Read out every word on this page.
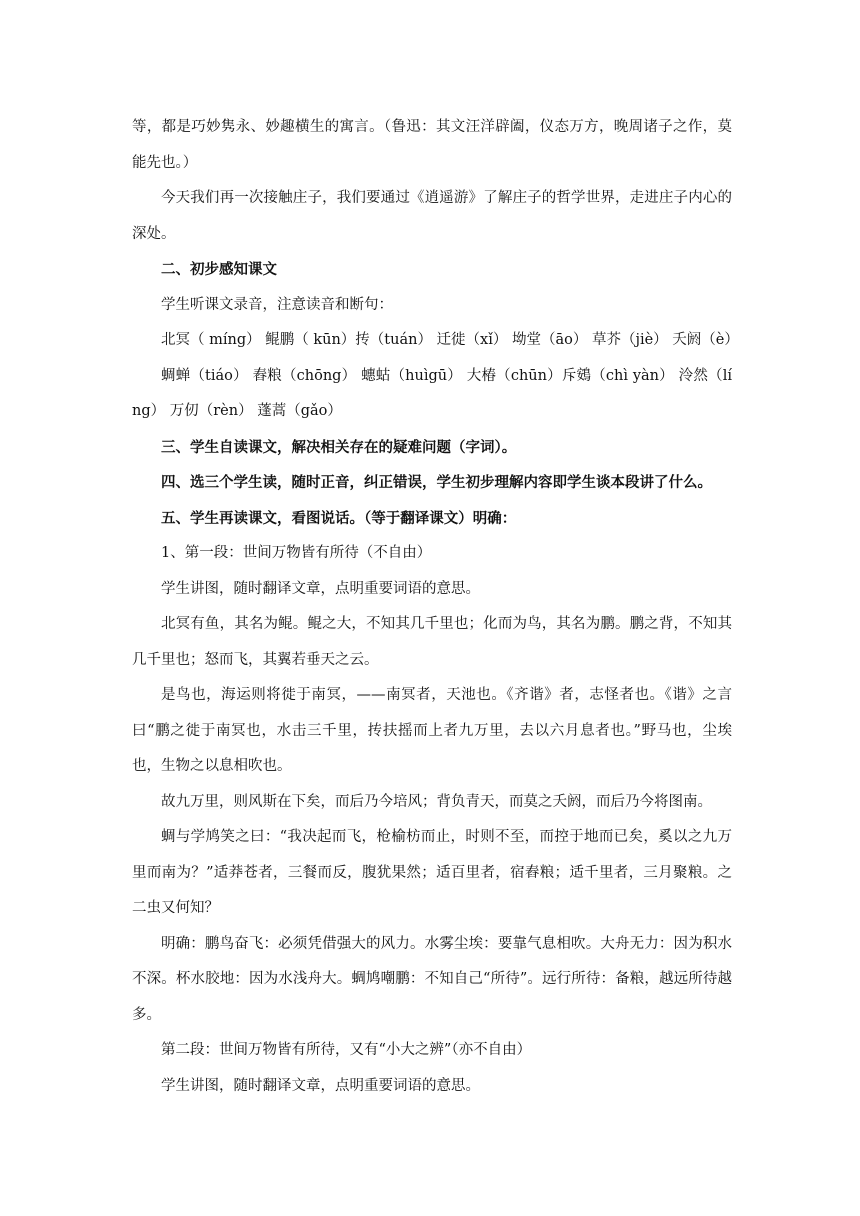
等，都是巧妙隽永、妙趣横生的寓言。（鲁迅：其文汪洋辟阖，仪态万方，晚周诸子之作，莫能先也。）

今天我们再一次接触庄子，我们要通过《逍遥游》了解庄子的哲学世界，走进庄子内心的深处。

二、初步感知课文

学生听课文录音，注意读音和断句：

北冥（ míng） 鲲鹏（ kūn）抟（tuán） 迁徙（xǐ） 坳堂（āo） 草芥（jiè） 夭阏（è）

蜩蝉（tiáo） 舂粮（chōng） 蟪蛄（huìgū） 大椿（chūn）斥鴳（chì yàn） 泠然（líng） 万仞（rèn） 蓬蒿（gǎo）

三、学生自读课文，解决相关存在的疑难问题（字词）。

四、选三个学生读，随时正音，纠正错误，学生初步理解内容即学生谈本段讲了什么。

五、学生再读课文，看图说话。（等于翻译课文）明确：

1、第一段：世间万物皆有所待（不自由）

学生讲图，随时翻译文章，点明重要词语的意思。

北冥有鱼，其名为鲲。鲲之大，不知其几千里也；化而为鸟，其名为鹏。鹏之背，不知其几千里也；怒而飞，其翼若垂天之云。

是鸟也，海运则将徙于南冥，——南冥者，天池也。《齐谐》者，志怪者也。《谐》之言曰“鹏之徙于南冥也，水击三千里，抟扶摇而上者九万里，去以六月息者也。”野马也，尘埃也，生物之以息相吹也。

故九万里，则风斯在下矣，而后乃今培风；背负青天，而莫之夭阏，而后乃今将图南。

蜩与学鸠笑之曰：“我决起而飞，枪榆枋而止，时则不至，而控于地而已矣，奚以之九万里而南为？”适莽苍者，三餐而反，腹犹果然；适百里者，宿舂粮；适千里者，三月聚粮。之二虫又何知？

明确：鹏鸟奋飞：必须凭借强大的风力。水雾尘埃：要靠气息相吹。大舟无力：因为积水不深。杯水胶地：因为水浅舟大。蜩鸠嘲鹏：不知自己“所待”。远行所待：备粮，越远所待越多。

第二段：世间万物皆有所待，又有“小大之辨”（亦不自由）

学生讲图，随时翻译文章，点明重要词语的意思。
